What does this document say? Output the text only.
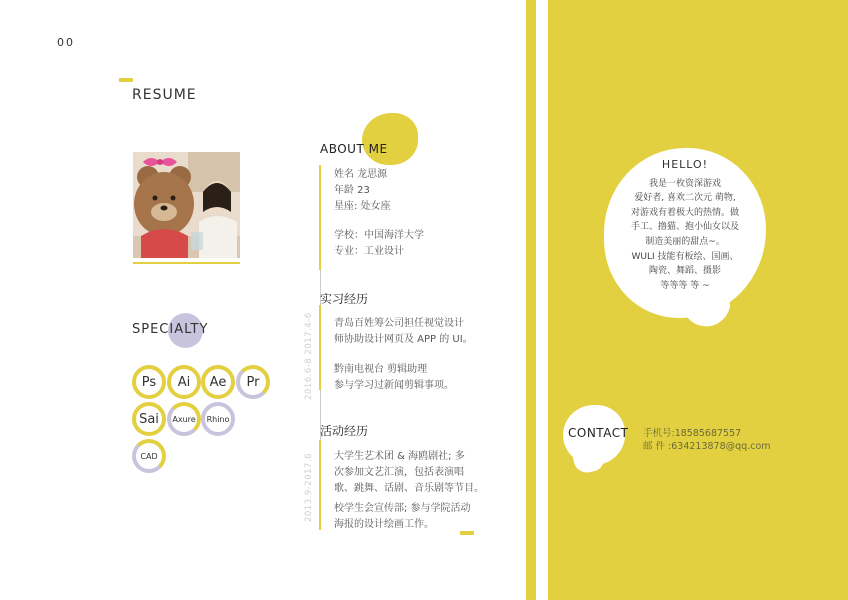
00
RESUME
SPECIALTY
Ps	Ai	Ae	Pr
Sai	Axure	Rhino
CAD
ABOUT ME
姓名 龙思源
年龄 23
星座: 处女座
学校：中国海洋大学
专业：工业设计
2016.6-8 2017.4-6
实习经历
青岛百姓筹公司担任视觉设计
师协助设计网页及 APP 的 UI。
黔南电视台 剪辑助理
参与学习过新闻剪辑事项。
2013.9-2017.6
活动经历
大学生艺术团 & 海鸥剧社; 多
次参加文艺汇演，包括表演唱
歌、跳舞、话剧、音乐剧等节目。
校学生会宣传部; 参与学院活动
海报的设计绘画工作。
HELLO!
我是一枚资深游戏
爱好者, 喜欢二次元 萌物,
对游戏有着极大的热情。做
手工、撸猫、抱小仙女以及
制造美丽的甜点~。
WULI 技能有板绘、国画、
陶瓷、舞蹈、摄影
等等等 等 ~
CONTACT 手机号:18585687557
邮 件 :634213878@qq.com
